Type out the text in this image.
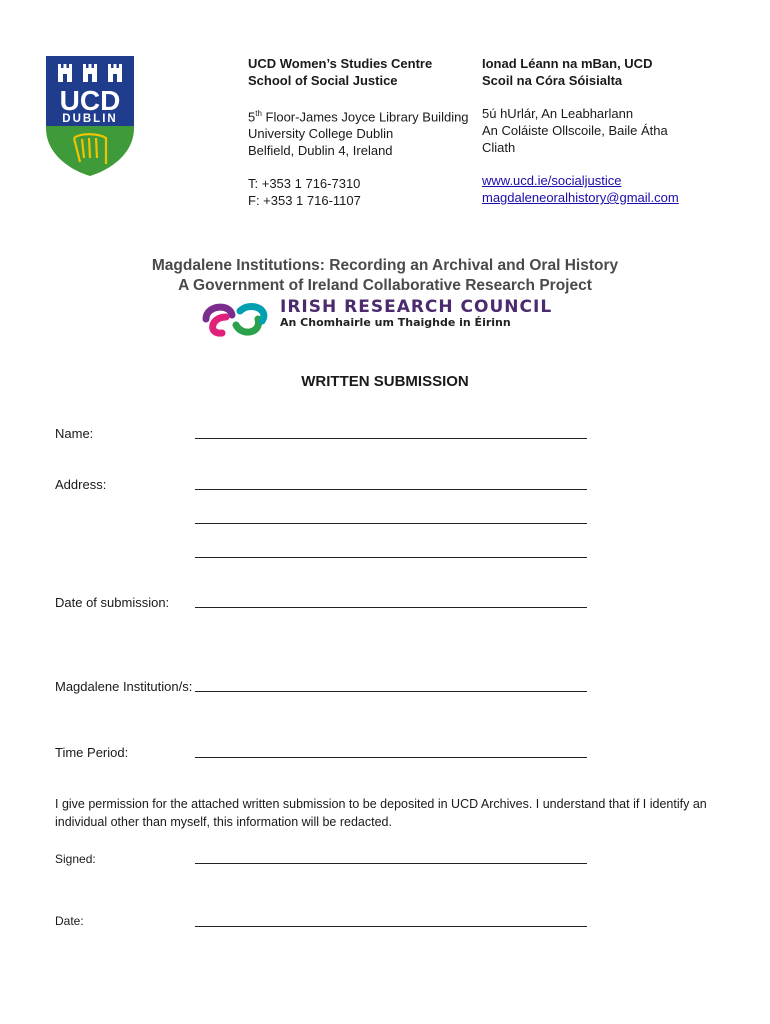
UCD
DUBLIN
UCD Women’s Studies Centre
School of Social Justice
5th Floor-James Joyce Library Building
University College Dublin
Belfield, Dublin 4, Ireland
T: +353 1 716-7310
F: +353 1 716-1107
Ionad Léann na mBan, UCD
Scoil na Córa Sóisialta
5ú hUrlár, An Leabharlann
An Coláiste Ollscoile, Baile Átha
Cliath
www.ucd.ie/socialjustice
magdaleneoralhistory@gmail.com
Magdalene Institutions: Recording an Archival and Oral History
A Government of Ireland Collaborative Research Project
IRISH RESEARCH COUNCIL
An Chomhairle um Thaighde in Éirinn
WRITTEN SUBMISSION
Name:
Address:
Date of submission:
Magdalene Institution/s:
Time Period:
I give permission for the attached written submission to be deposited in UCD Archives. I understand that if I identify an individual other than myself, this information will be redacted.
Signed:
Date:
